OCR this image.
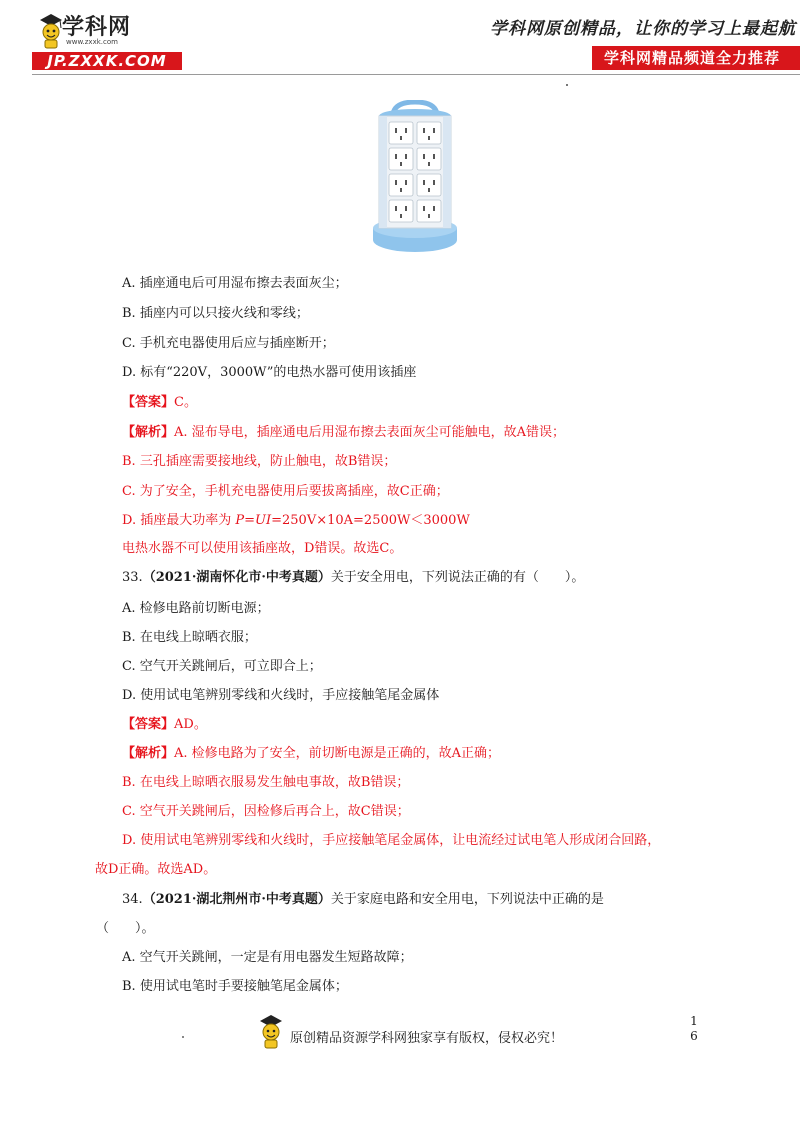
学科网
www.zxxk.com
JP.ZXXK.COM
学科网原创精品，让你的学习上最起航
学科网精品频道全力推荐
A. 插座通电后可用湿布擦去表面灰尘；
B. 插座内可以只接火线和零线；
C. 手机充电器使用后应与插座断开；
D. 标有“220V，3000W”的电热水器可使用该插座
【答案】C。
【解析】A. 湿布导电，插座通电后用湿布擦去表面灰尘可能触电，故A错误；
B. 三孔插座需要接地线，防止触电，故B错误；
C. 为了安全，手机充电器使用后要拔离插座，故C正确；
D. 插座最大功率为 P=UI=250V×10A=2500W＜3000W
电热水器不可以使用该插座故，D错误。故选C。
33.（2021·湖南怀化市·中考真题）关于安全用电，下列说法正确的有（　　）。
A. 检修电路前切断电源；
B. 在电线上晾晒衣服；
C. 空气开关跳闸后，可立即合上；
D. 使用试电笔辨别零线和火线时，手应接触笔尾金属体
【答案】AD。
【解析】A. 检修电路为了安全，前切断电源是正确的，故A正确；
B. 在电线上晾晒衣服易发生触电事故，故B错误；
C. 空气开关跳闸后，因检修后再合上，故C错误；
D. 使用试电笔辨别零线和火线时，手应接触笔尾金属体，让电流经过试电笔人形成闭合回路，
故D正确。故选AD。
34.（2021·湖北荆州市·中考真题）关于家庭电路和安全用电，下列说法中正确的是
（　　）。
A. 空气开关跳闸，一定是有用电器发生短路故障；
B. 使用试电笔时手要接触笔尾金属体；
原创精品资源学科网独家享有版权，侵权必究！
1
6
